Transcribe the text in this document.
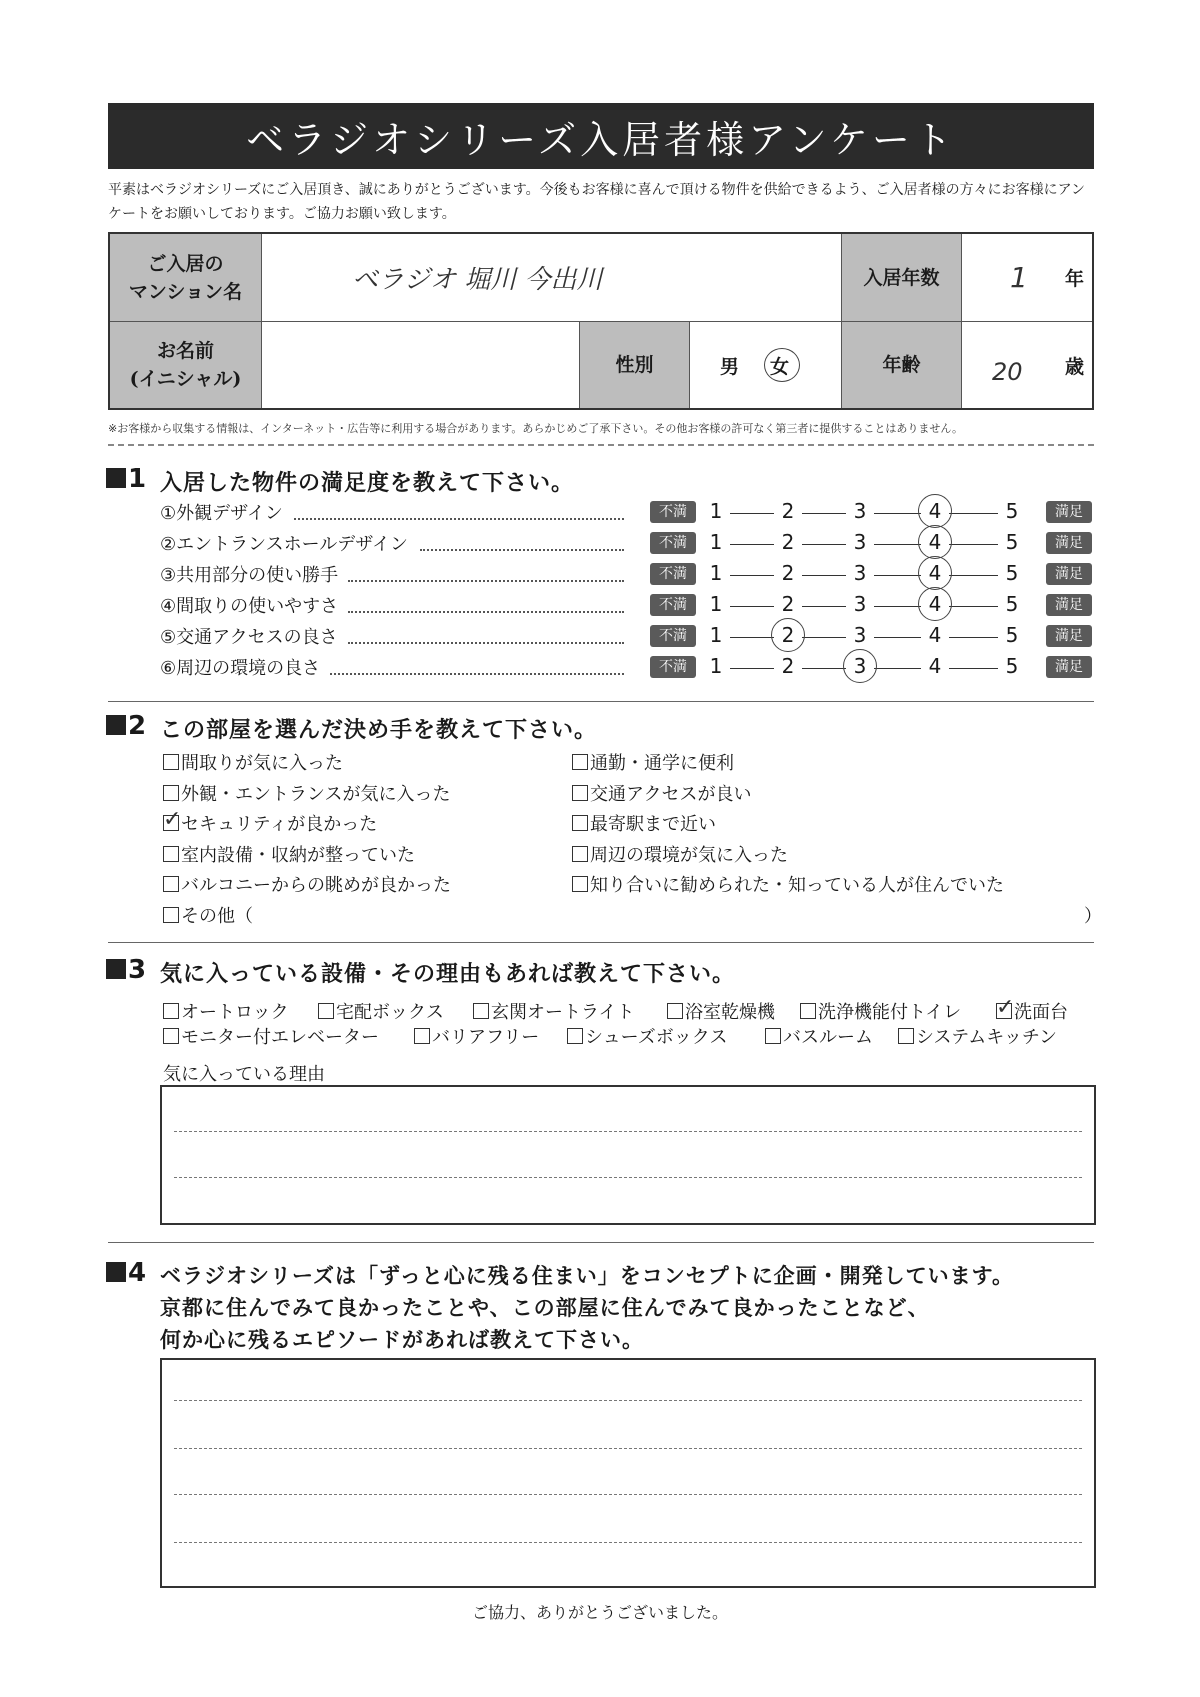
ベラジオシリーズ入居者様アンケート
平素はベラジオシリーズにご入居頂き、誠にありがとうございます。今後もお客様に喜んで頂ける物件を供給できるよう、ご入居者様の方々にお客様にアンケートをお願いしております。ご協力お願い致します。
ご入居の
マンション名	ベラジオ 堀川 今出川	入居年数	1 年
お名前
(イニシャル)
性別	男 女	年齢	20 歳
※お客様から収集する情報は、インターネット・広告等に利用する場合があります。あらかじめご了承下さい。その他お客様の許可なく第三者に提供することはありません。
1 入居した物件の満足度を教えて下さい。
①外観デザイン	不満	1	2	3	4	5	満足
②エントランスホールデザイン	不満	1	2	3	4	5	満足
③共用部分の使い勝手	不満	1	2	3	4	5	満足
④間取りの使いやすさ	不満	1	2	3	4	5	満足
⑤交通アクセスの良さ	不満	1	2	3	4	5	満足
⑥周辺の環境の良さ	不満	1	2	3	4	5	満足
2 この部屋を選んだ決め手を教えて下さい。
間取りが気に入った
外観・エントランスが気に入った
✓セキュリティが良かった
室内設備・収納が整っていた
バルコニーからの眺めが良かった
通勤・通学に便利
交通アクセスが良い
最寄駅まで近い
周辺の環境が気に入った
知り合いに勧められた・知っている人が住んでいた
その他（	）
3 気に入っている設備・その理由もあれば教えて下さい。
オートロック	宅配ボックス	玄関オートライト	浴室乾燥機	洗浄機能付トイレ
✓	洗面台
モニター付エレベーター	バリアフリー	シューズボックス	バスルーム	システムキッチン
気に入っている理由
4 ベラジオシリーズは「ずっと心に残る住まい」をコンセプトに企画・開発しています。
京都に住んでみて良かったことや、この部屋に住んでみて良かったことなど、
何か心に残るエピソードがあれば教えて下さい。
ご協力、ありがとうございました。
